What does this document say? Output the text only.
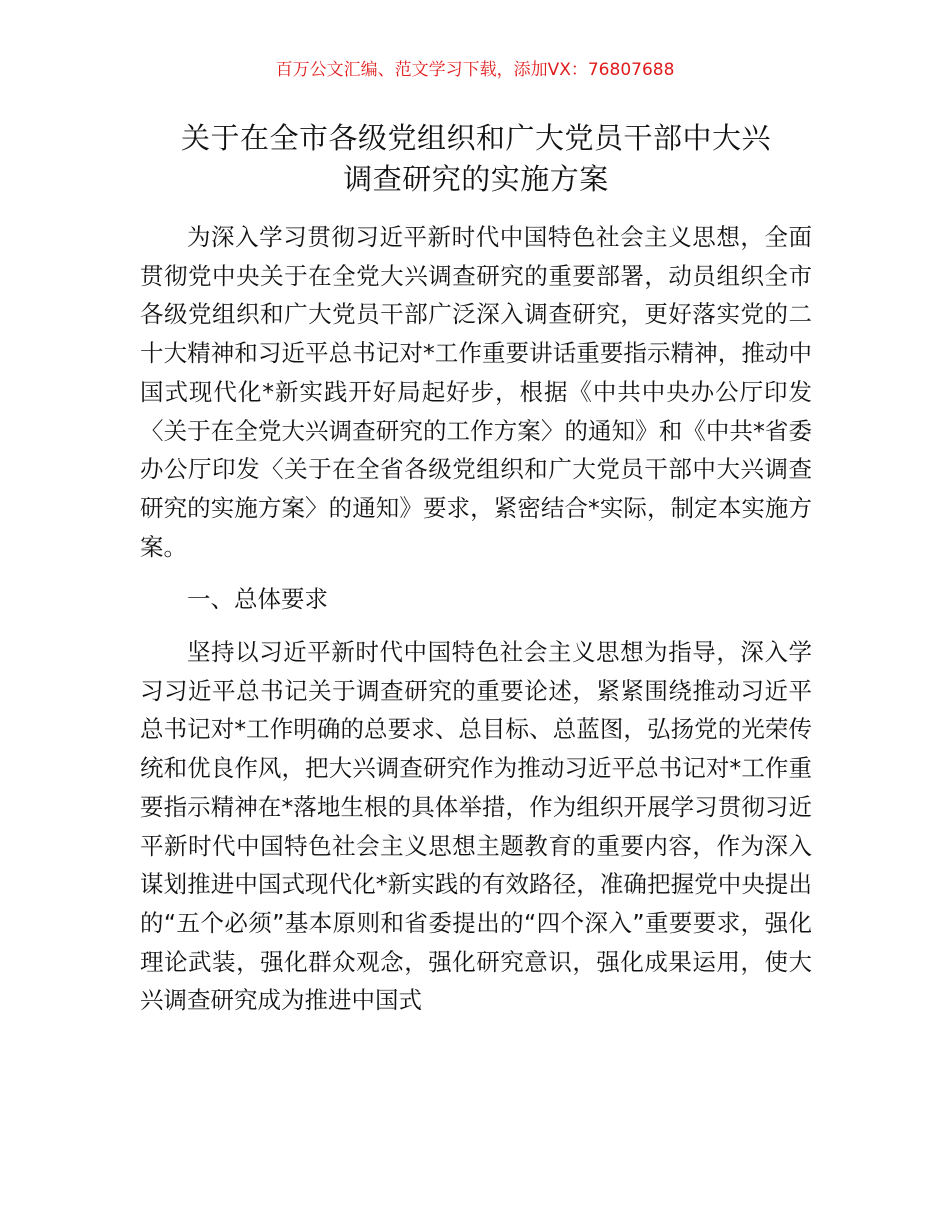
百万公文汇编、范文学习下载，添加VX：76807688
关于在全市各级党组织和广大党员干部中大兴
调查研究的实施方案

为深入学习贯彻习近平新时代中国特色社会主义思想，全面贯彻党中央关于在全党大兴调查研究的重要部署，动员组织全市各级党组织和广大党员干部广泛深入调查研究，更好落实党的二十大精神和习近平总书记对*工作重要讲话重要指示精神，推动中国式现代化*新实践开好局起好步，根据《中共中央办公厅印发〈关于在全党大兴调查研究的工作方案〉的通知》和《中共*省委办公厅印发〈关于在全省各级党组织和广大党员干部中大兴调查研究的实施方案〉的通知》要求，紧密结合*实际，制定本实施方案。

一、总体要求

坚持以习近平新时代中国特色社会主义思想为指导，深入学习习近平总书记关于调查研究的重要论述，紧紧围绕推动习近平总书记对*工作明确的总要求、总目标、总蓝图，弘扬党的光荣传统和优良作风，把大兴调查研究作为推动习近平总书记对*工作重要指示精神在*落地生根的具体举措，作为组织开展学习贯彻习近平新时代中国特色社会主义思想主题教育的重要内容，作为深入谋划推进中国式现代化*新实践的有效路径，准确把握党中央提出的“五个必须”基本原则和省委提出的“四个深入”重要要求，强化理论武装，强化群众观念，强化研究意识，强化成果运用，使大兴调查研究成为推进中国式
